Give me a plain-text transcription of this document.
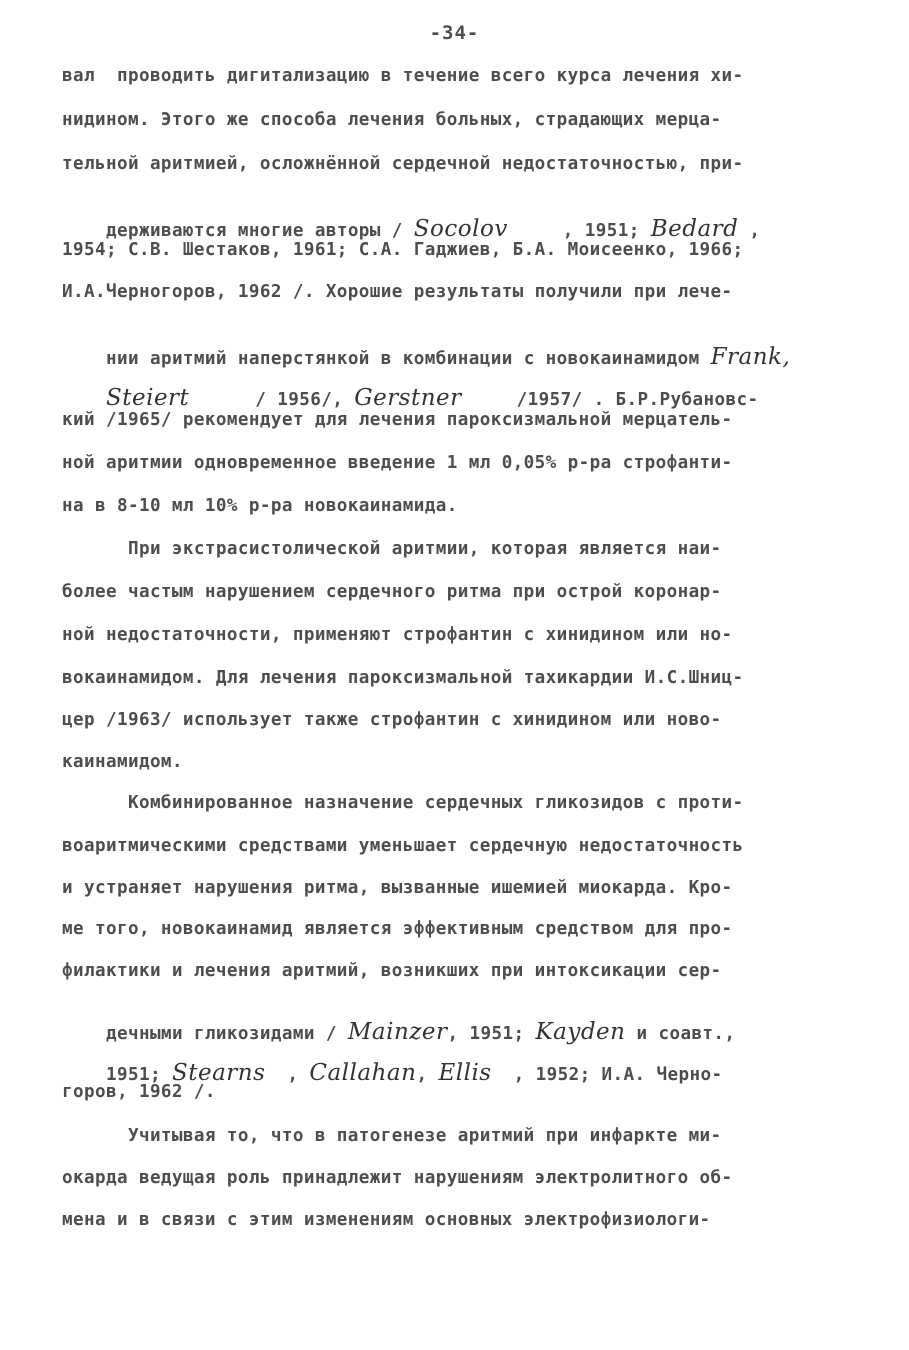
-34-
вал  проводить дигитализацию в течение всего курса лечения хи-
нидином. Этого же способа лечения больных, страдающих мерца-
тельной аритмией, осложнённой сердечной недостаточностью, при-

держиваются многие авторы / Socolov     , 1951; Bedard ,

1954; С.В. Шестаков, 1961; С.А. Гаджиев, Б.А. Моисеенко, 1966;
И.А.Черногоров, 1962 /. Хорошие результаты получили при лече-

нии аритмий наперстянкой в комбинации с новокаинамидом Frank,

Steiert      / 1956/, Gerstner     /1957/ . Б.Р.Рубановс-

кий /1965/ рекомендует для лечения пароксизмальной мерцатель-
ной аритмии одновременное введение 1 мл 0,05% р-ра строфанти-
на в 8-10 мл 10% р-ра новокаинамида.
При экстрасистолической аритмии, которая является наи-
более частым нарушением сердечного ритма при острой коронар-
ной недостаточности, применяют строфантин с хинидином или но-
вокаинамидом. Для лечения пароксизмальной тахикардии И.С.Шниц-
цер /1963/ использует также строфантин с хинидином или ново-
каинамидом.
Комбинированное назначение сердечных гликозидов с проти-
воаритмическими средствами уменьшает сердечную недостаточность
и устраняет нарушения ритма, вызванные ишемией миокарда. Кро-
ме того, новокаинамид является эффективным средством для про-
филактики и лечения аритмий, возникших при интоксикации сер-

дечными гликозидами / Mainzer, 1951; Kayden и соавт.,

1951; Stearns  , Callahan, Ellis  , 1952; И.А. Черно-

горов, 1962 /.
Учитывая то, что в патогенезе аритмий при инфаркте ми-
окарда ведущая роль принадлежит нарушениям электролитного об-
мена и в связи с этим изменениям основных электрофизиологи-
